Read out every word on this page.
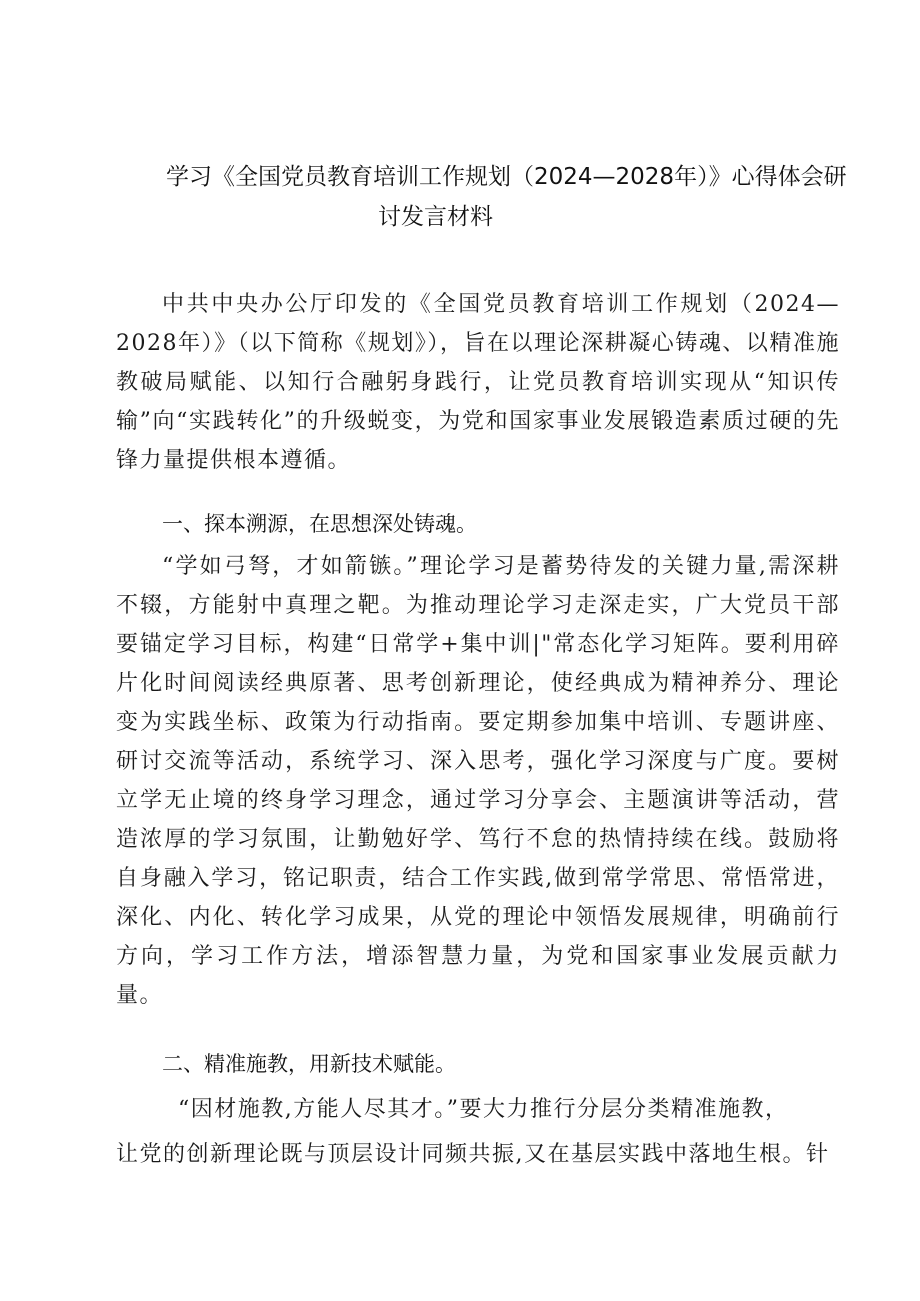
学习《全国党员教育培训工作规划（2024—2028年）》心得体会研
讨发言材料

中共中央办公厅印发的《全国党员教育培训工作规划（2024—2028年）》（以下简称《规划》），旨在以理论深耕凝心铸魂、以精准施教破局赋能、以知行合融躬身践行，让党员教育培训实现从“知识传输”向“实践转化”的升级蜕变，为党和国家事业发展锻造素质过硬的先锋力量提供根本遵循。

一、探本溯源，在思想深处铸魂。

“学如弓弩，才如箭镞。”理论学习是蓄势待发的关键力量,需深耕不辍，方能射中真理之靶。为推动理论学习走深走实，广大党员干部要锚定学习目标，构建“日常学+集中训|"常态化学习矩阵。要利用碎片化时间阅读经典原著、思考创新理论，使经典成为精神养分、理论变为实践坐标、政策为行动指南。要定期参加集中培训、专题讲座、研讨交流等活动，系统学习、深入思考，强化学习深度与广度。要树立学无止境的终身学习理念，通过学习分享会、主题演讲等活动，营造浓厚的学习氛围，让勤勉好学、笃行不怠的热情持续在线。鼓励将自身融入学习，铭记职责，结合工作实践,做到常学常思、常悟常进，深化、内化、转化学习成果，从党的理论中领悟发展规律，明确前行方向，学习工作方法，增添智慧力量，为党和国家事业发展贡献力量。

二、精准施教，用新技术赋能。

“因材施教,方能人尽其才。”要大力推行分层分类精准施教，

让党的创新理论既与顶层设计同频共振,又在基层实践中落地生根。针
